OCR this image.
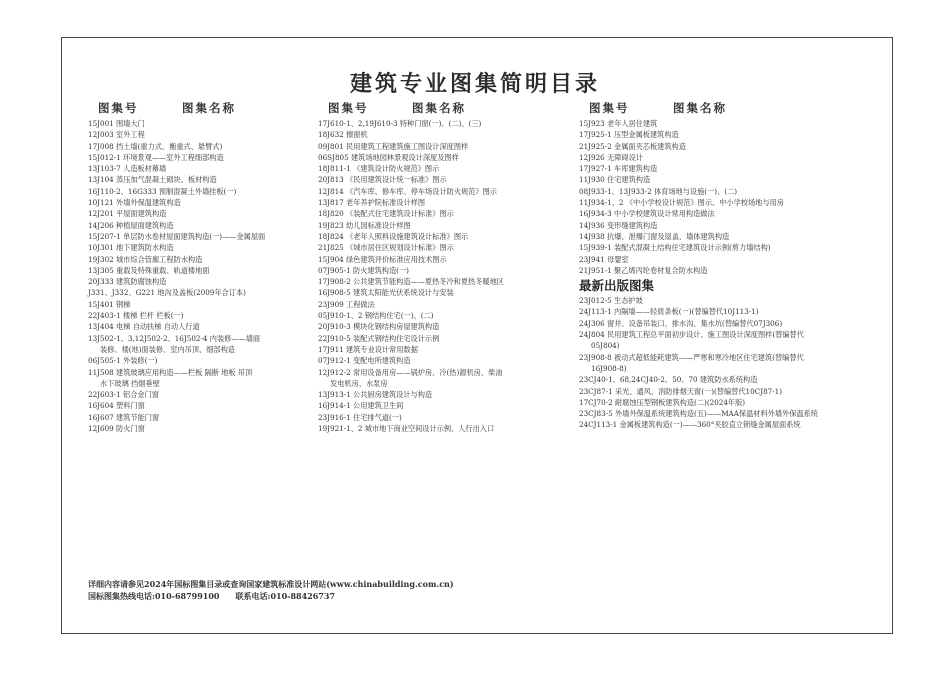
建筑专业图集简明目录
图集号	图集名称
15J001 围墙大门
12J003 室外工程
17J008 挡土墙(重力式、衡重式、悬臂式)
15J012-1 环境景观——室外工程细部构造
13J103-7 人造板材幕墙
13J104 蒸压加气混凝土砌块、板材构造
16J110-2、16G333 预制混凝土外墙挂板(一)
10J121 外墙外保温建筑构造
12J201 平屋面建筑构造
14J206 种植屋面建筑构造
15J207-1 单层防水卷材屋面建筑构造(一)——金属屋面
10J301 地下建筑防水构造
19J302 城市综合管廊工程防水构造
13J305 重载及特殊重载、轨道楼地面
20J333 建筑防腐蚀构造
J331、J332、G221 地沟及盖板(2009年合订本)
15J401 钢梯
22J403-1 楼梯 栏杆 栏板(一)
13J404 电梯 自动扶梯 自动人行道
13J502-1、3,12J502-2、16J502-4 内装修——墙面
装修、楼(地)面装修、室内吊顶、细部构造
06J505-1 外装修(一)
11J508 建筑玻璃应用构造——栏板 隔断 地板 吊顶
水下玻璃 挡烟垂壁
22J603-1 铝合金门窗
16J604 塑料门窗
16J607 建筑节能门窗
12J609 防火门窗
图集号	图集名称
17J610-1、2,19J610-3 特种门窗(一)、(二)、(三)
18J632 擦窗机
09J801 民用建筑工程建筑施工图设计深度图样
06SJ805 建筑场地园林景观设计深度及图样
18J811-1 《建筑设计防火规范》图示
20J813 《民用建筑设计统一标准》图示
12J814 《汽车库、修车库、停车场设计防火规范》图示
13J817 老年养护院标准设计样图
18J820 《装配式住宅建筑设计标准》图示
19J823 幼儿园标准设计样图
18J824 《老年人照料设施建筑设计标准》图示
21J825 《城市居住区规划设计标准》图示
15J904 绿色建筑评价标准应用技术图示
07J905-1 防火建筑构造(一)
17J908-2 公共建筑节能构造——夏热冬冷和夏热冬暖地区
16J908-5 建筑太阳能光伏系统设计与安装
23J909 工程做法
05J910-1、2 钢结构住宅(一)、(二)
20J910-3 模块化钢结构房屋建筑构造
22J910-5 装配式钢结构住宅设计示例
17J911 建筑专业设计常用数据
07J912-1 变配电所建筑构造
12J912-2 常用设备用房——锅炉房、冷(热)源机房、柴油
发电机房、水泵房
13J913-1 公共厨房建筑设计与构造
16J914-1 公用建筑卫生间
23J916-1 住宅排气道(一)
19J921-1、2 城市地下商业空间设计示例、人行出入口
图集号	图集名称
15J923 老年人居住建筑
17J925-1 压型金属板建筑构造
21J925-2 金属面夹芯板建筑构造
12J926 无障碍设计
17J927-1 车库建筑构造
11J930 住宅建筑构造
08J933-1、13J933-2 体育场地与设施(一)、(二)
11J934-1、2 《中小学校设计规范》图示、中小学校场地与用房
16J934-3 中小学校建筑设计常用构造做法
14J936 变形缝建筑构造
14J938 抗爆、泄爆门窗及屋盖、墙体建筑构造
15J939-1 装配式混凝土结构住宅建筑设计示例(剪力墙结构)
23J941 母婴室
21J951-1 聚乙烯丙纶卷材复合防水构造
最新出版图集
23J012-5 生态护坡
24J113-1 内隔墙——轻质条板(一)(替编替代10J113-1)
24J306 窗井、设备吊装口、排水沟、集水坑(替编替代07J306)
24J804 民用建筑工程总平面初步设计、施工图设计深度图样(替编替代
05J804)
23J908-8 被动式超低能耗建筑——严寒和寒冷地区住宅建筑(替编替代
16J908-8)
23CJ40-1、68,24CJ40-2、50、70 建筑防水系统构造
23CJ87-1 采光、通风、消防排烟天窗(一)(替编替代10CJ87-1)
17CJ70-2 耐腐蚀压型钢板建筑构造(二)(2024年版)
23CJ83-5 外墙外保温系统建筑构造(五)——MAA保温材料外墙外保温系统
24CJ113-1 金属板建筑构造(一)——360°夹胶直立锁缝金属屋面系统
详细内容请参见2024年国标图集目录或查询国家建筑标准设计网站(www.chinabuilding.com.cn)
国标图集热线电话:010-68799100　　联系电话:010-88426737
